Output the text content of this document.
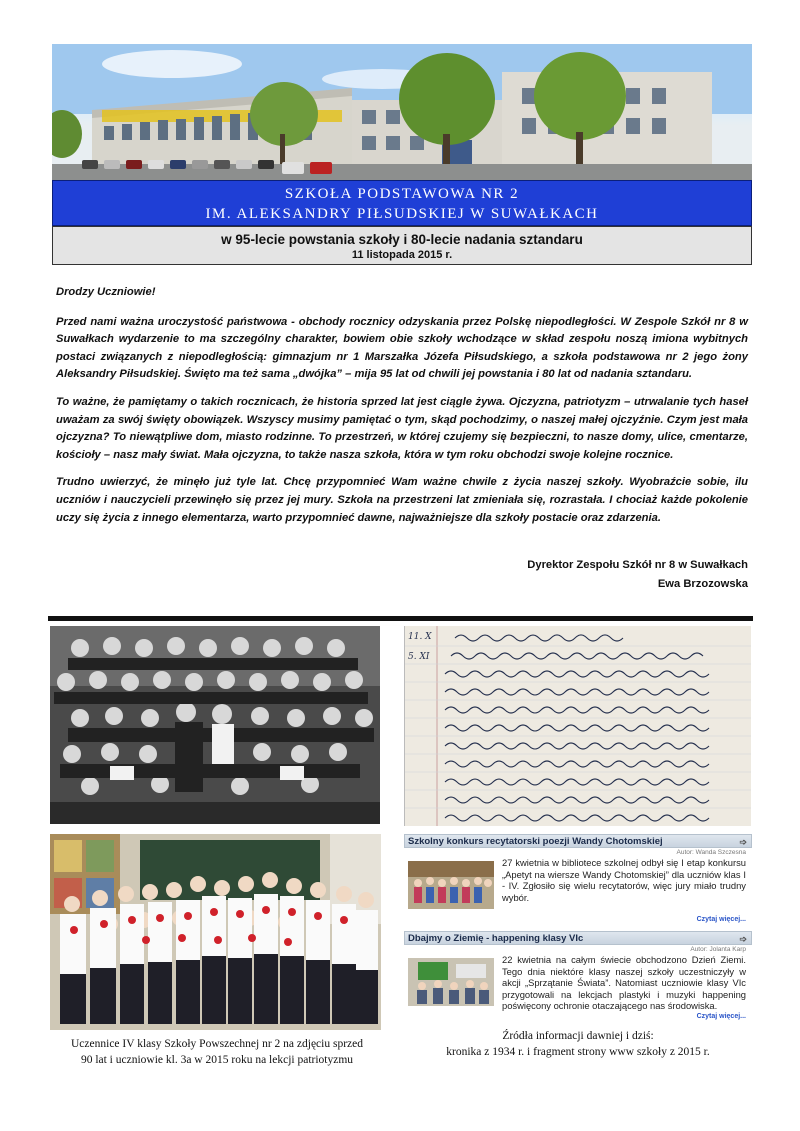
SZKOŁA PODSTAWOWA NR 2
IM. ALEKSANDRY PIŁSUDSKIEJ W SUWAŁKACH
w 95-lecie powstania szkoły i 80-lecie nadania sztandaru
11 listopada 2015 r.

Drodzy Uczniowie!

Przed nami ważna uroczystość państwowa - obchody rocznicy odzyskania przez Polskę niepodległości. W Zespole Szkół nr 8 w Suwałkach wydarzenie to ma szczególny charakter, bowiem obie szkoły wchodzące w skład zespołu noszą imiona wybitnych postaci związanych z niepodległością: gimnazjum nr 1 Marszałka Józefa Piłsudskiego, a szkoła podstawowa nr 2 jego żony Aleksandry Piłsudskiej. Święto ma też sama „dwójka” – mija 95 lat od chwili jej powstania i 80 lat od nadania sztandaru.

To ważne, że pamiętamy o takich rocznicach, że historia sprzed lat jest ciągle żywa. Ojczyzna, patriotyzm – utrwalanie tych haseł uważam za swój święty obowiązek. Wszyscy musimy pamiętać o tym, skąd pochodzimy, o naszej małej ojczyźnie. Czym jest mała ojczyzna? To niewątpliwe dom, miasto rodzinne. To przestrzeń, w której czujemy się bezpieczni, to nasze domy, ulice, cmentarze, kościoły – nasz mały świat. Mała ojczyzna, to także nasza szkoła, która w tym roku obchodzi swoje kolejne rocznice.

Trudno uwierzyć, że minęło już tyle lat. Chcę przypomnieć Wam ważne chwile z życia naszej szkoły. Wyobraźcie sobie, ilu uczniów i nauczycieli przewinęło się przez jej mury. Szkoła na przestrzeni lat zmieniała się, rozrastała. I chociaż każde pokolenie uczy się życia z innego elementarza, warto przypomnieć dawne, najważniejsze dla szkoły postacie oraz zdarzenia.

Dyrektor Zespołu Szkół nr 8 w Suwałkach
Ewa Brzozowska
11. X
5. XI
Uczennice IV klasy Szkoły Powszechnej nr 2 na zdjęciu sprzed
90 lat i uczniowie kl. 3a w 2015 roku na lekcji patriotyzmu
Szkolny konkurs recytatorski poezji Wandy Chotomskiej	➩
Autor: Wanda Szczesna
27 kwietnia w bibliotece szkolnej odbył się I etap konkursu „Apetyt na wiersze Wandy Chotomskiej” dla uczniów klas I - IV. Zgłosiło się wielu recytatorów, więc jury miało trudny wybór.
Czytaj więcej...
Dbajmy o Ziemię - happening klasy VIc	➩
Autor: Jolanta Karp
22 kwietnia na całym świecie obchodzono Dzień Ziemi. Tego dnia niektóre klasy naszej szkoły uczestniczyły w akcji „Sprzątanie Świata”. Natomiast uczniowie klasy VIc przygotowali na lekcjach plastyki i muzyki happening poświęcony ochronie otaczającego nas środowiska.
Czytaj więcej...
Źródła informacji dawniej i dziś:
kronika z 1934 r. i fragment strony www szkoły z 2015 r.
